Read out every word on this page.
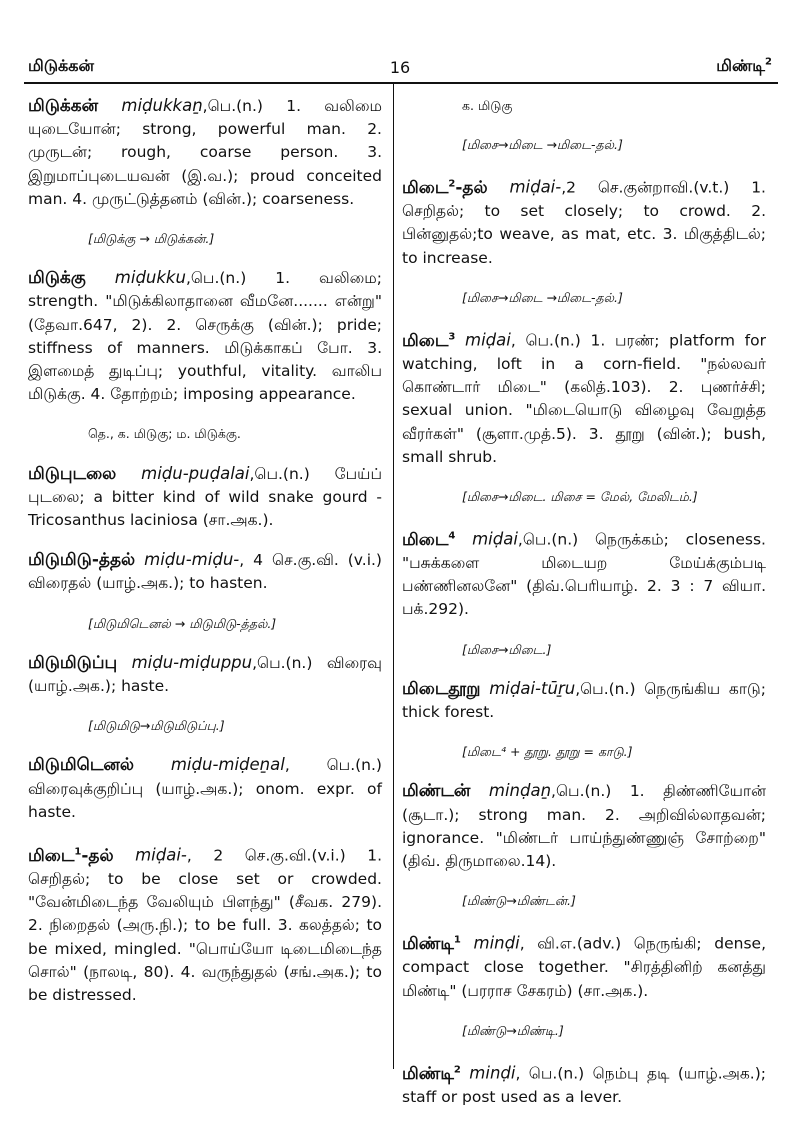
மிடுக்கன்	16	மிண்டி$^2$
மிடுக்கன் miḍukkaṉ,பெ.(n.) 1. வலிமை யுடையோன்; strong, powerful man. 2. முருடன்; rough, coarse person. 3. இறுமாப்புடையவன் (இ.வ.); proud conceited man. 4. முருட்டுத்தனம் (வின்.); coarseness.
[மிடுக்கு → மிடுக்கன்.]
மிடுக்கு miḍukku,பெ.(n.) 1. வலிமை; strength. "மிடுக்கிலாதானை வீமனே....... என்று" (தேவா.647, 2). 2. செருக்கு (வின்.); pride; stiffness of manners. மிடுக்காகப் போ. 3. இளமைத் துடிப்பு; youthful, vitality. வாலிப மிடுக்கு. 4. தோற்றம்; imposing appearance.
தெ., க. மிடுகு; ம. மிடுக்கு.
மிடுபுடலை miḍu-puḍalai,பெ.(n.) பேய்ப் புடலை; a bitter kind of wild snake gourd - Tricosanthus laciniosa (சா.அக.).
மிடுமிடு-த்தல் miḍu-miḍu-, 4 செ.கு.வி. (v.i.) விரைதல் (யாழ்.அக.); to hasten.
[மிடுமிடெனல் → மிடுமிடு-த்தல்.]
மிடுமிடுப்பு miḍu-miḍuppu,பெ.(n.) விரைவு (யாழ்.அக.); haste.
[மிடுமிடு→மிடுமிடுப்பு.]
மிடுமிடெனல் miḍu-miḍeṉal, பெ.(n.) விரைவுக்குறிப்பு (யாழ்.அக.); onom. expr. of haste.
மிடை$^1$-தல் miḍai-, 2 செ.கு.வி.(v.i.) 1. செறிதல்; to be close set or crowded. "வேன்மிடைந்த வேலியும் பிளந்து" (சீவக. 279). 2. நிறைதல் (அரு.நி.); to be full. 3. கலத்தல்; to be mixed, mingled. "பொய்யோ டிடைமிடைந்த சொல்" (நாலடி, 80). 4. வருந்துதல் (சங்.அக.); to be distressed.
க. மிடுகு
[மிசை→மிடை →மிடை-தல்.]
மிடை$^2$-தல் miḍai-,2 செ.குன்றாவி.(v.t.) 1. செறிதல்; to set closely; to crowd. 2. பின்னுதல்;to weave, as mat, etc. 3. மிகுத்திடல்; to increase.
[மிசை→மிடை →மிடை-தல்.]
மிடை$^3$ miḍai, பெ.(n.) 1. பரண்; platform for watching, loft in a corn-field. "நல்லவர் கொண்டார் மிடை" (கலித்.103). 2. புணர்ச்சி; sexual union. "மிடையொடு விழைவு வேறுத்த வீரர்கள்" (சூளா.முத்.5). 3. தூறு (வின்.); bush, small shrub.
[மிசை→மிடை. மிசை = மேல், மேலிடம்.]
மிடை$^4$ miḍai,பெ.(n.) நெருக்கம்; closeness. "பசுக்களை மிடையற மேய்க்கும்படி பண்ணினலனே" (திவ்.பெரியாழ். 2. 3 : 7 வியா. பக்.292).
[மிசை→மிடை.]
மிடைதூறு miḍai-tūṟu,பெ.(n.) நெருங்கிய காடு; thick forest.
[மிடை⁴ + தூறு. தூறு = காடு.]
மிண்டன் minḍaṉ,பெ.(n.) 1. திண்ணியோன் (சூடா.); strong man. 2. அறிவில்லாதவன்; ignorance. "மிண்டர் பாய்ந்துண்ணுஞ் சோற்றை" (திவ். திருமாலை.14).
[மிண்டு→மிண்டன்.]
மிண்டி$^1$ minḍi, வி.எ.(adv.) நெருங்கி; dense, compact close together. "சிரத்தினிற் கனத்து மிண்டி" (பரராச சேகரம்) (சா.அக.).
[மிண்டு→மிண்டி.]
மிண்டி$^2$ minḍi, பெ.(n.) நெம்பு தடி (யாழ்.அக.); staff or post used as a lever.
